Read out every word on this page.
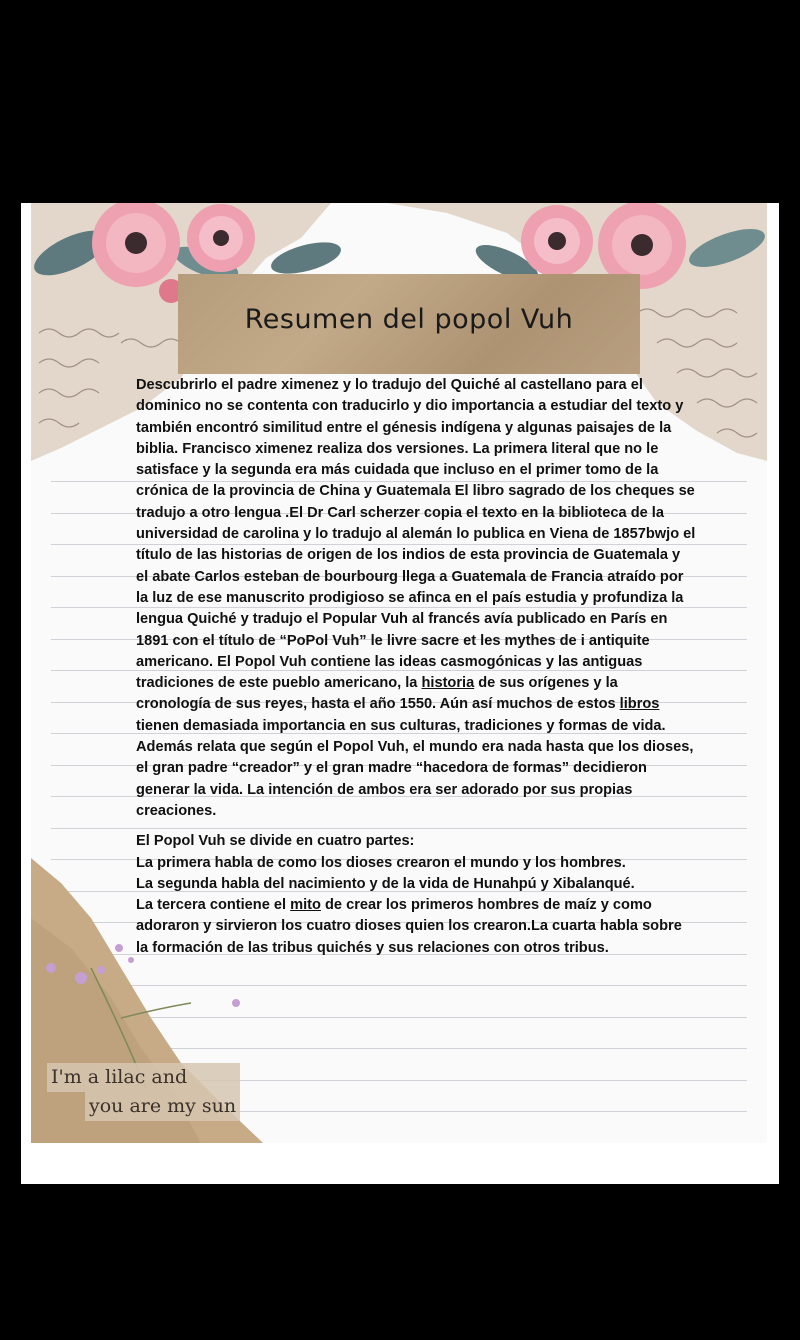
Resumen del popol Vuh

Descubrirlo el padre ximenez y lo tradujo del Quiché al castellano para el dominico no se contenta con traducirlo y dio importancia a estudiar del texto y también encontró similitud entre el génesis indígena y algunas paisajes de la biblia. Francisco ximenez realiza dos versiones. La primera literal que no le satisface y la segunda era más cuidada que incluso en el primer tomo de la crónica de la provincia de China y Guatemala El libro sagrado de los cheques se tradujo a otro lengua .El Dr Carl scherzer copia el texto en la biblioteca de la universidad de carolina y lo tradujo al alemán lo publica en Viena de 1857bwjo el título de las historias de origen de los indios de esta provincia de Guatemala y el abate Carlos esteban de bourbourg llega a Guatemala de Francia atraído por la luz de ese manuscrito prodigioso se afinca en el país estudia y profundiza la lengua Quiché y tradujo el Popular Vuh al francés avía publicado en París en 1891 con el título de “PoPol Vuh” le livre sacre et les mythes de i antiquite americano. El Popol Vuh contiene las ideas casmogónicas y las antiguas tradiciones de este pueblo americano, la historia de sus orígenes y la cronología de sus reyes, hasta el año 1550. Aún así muchos de estos libros tienen demasiada importancia en sus culturas, tradiciones y formas de vida.

Además relata que según el Popol Vuh, el mundo era nada hasta que los dioses, el gran padre “creador” y el gran madre “hacedora de formas” decidieron generar la vida. La intención de ambos era ser adorado por sus propias creaciones.

El Popol Vuh se divide en cuatro partes:

La primera habla de como los dioses crearon el mundo y los hombres.

La segunda habla del nacimiento y de la vida de Hunahpú y Xibalanqué.

La tercera contiene el mito de crear los primeros hombres de maíz y como adoraron y sirvieron los cuatro dioses quien los crearon.La cuarta habla sobre la formación de las tribus quichés y sus relaciones con otros tribus.

I'm a lilac and
you are my sun
